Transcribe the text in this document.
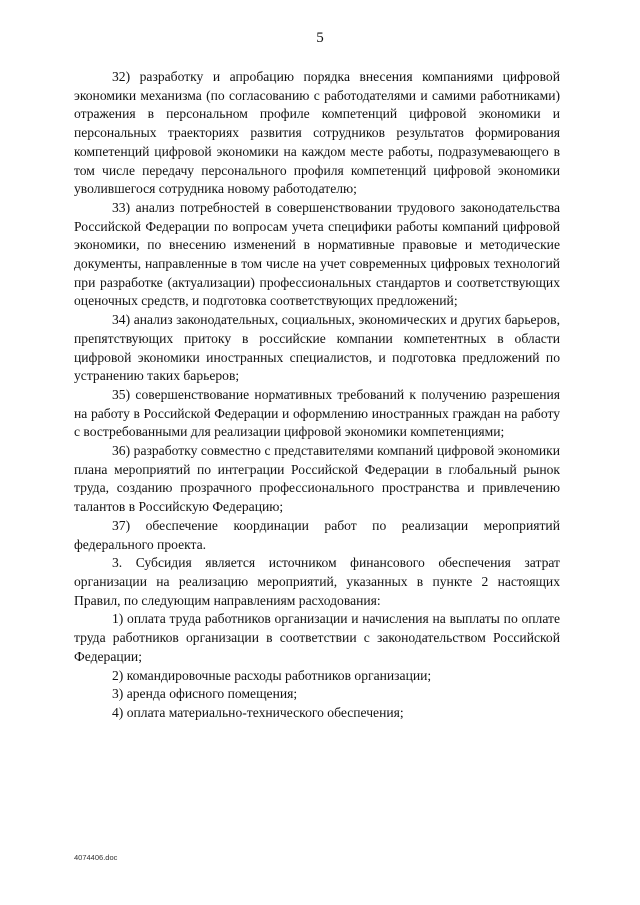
5

32) разработку и апробацию порядка внесения компаниями цифровой экономики механизма (по согласованию с работодателями и самими работниками) отражения в персональном профиле компетенций цифровой экономики и персональных траекториях развития сотрудников результатов формирования компетенций цифровой экономики на каждом месте работы, подразумевающего в том числе передачу персонального профиля компетенций цифровой экономики уволившегося сотрудника новому работодателю;

33) анализ потребностей в совершенствовании трудового законодательства Российской Федерации по вопросам учета специфики работы компаний цифровой экономики, по внесению изменений в нормативные правовые и методические документы, направленные в том числе на учет современных цифровых технологий при разработке (актуализации) профессиональных стандартов и соответствующих оценочных средств, и подготовка соответствующих предложений;

34) анализ законодательных, социальных, экономических и других барьеров, препятствующих притоку в российские компании компетентных в области цифровой экономики иностранных специалистов, и подготовка предложений по устранению таких барьеров;

35) совершенствование нормативных требований к получению разрешения на работу в Российской Федерации и оформлению иностранных граждан на работу с востребованными для реализации цифровой экономики компетенциями;

36) разработку совместно с представителями компаний цифровой экономики плана мероприятий по интеграции Российской Федерации в глобальный рынок труда, созданию прозрачного профессионального пространства и привлечению талантов в Российскую Федерацию;

37) обеспечение координации работ по реализации мероприятий федерального проекта.

3. Субсидия является источником финансового обеспечения затрат организации на реализацию мероприятий, указанных в пункте 2 настоящих Правил, по следующим направлениям расходования:

1) оплата труда работников организации и начисления на выплаты по оплате труда работников организации в соответствии с законодательством Российской Федерации;

2) командировочные расходы работников организации;

3) аренда офисного помещения;

4) оплата материально-технического обеспечения;

4074406.doc
